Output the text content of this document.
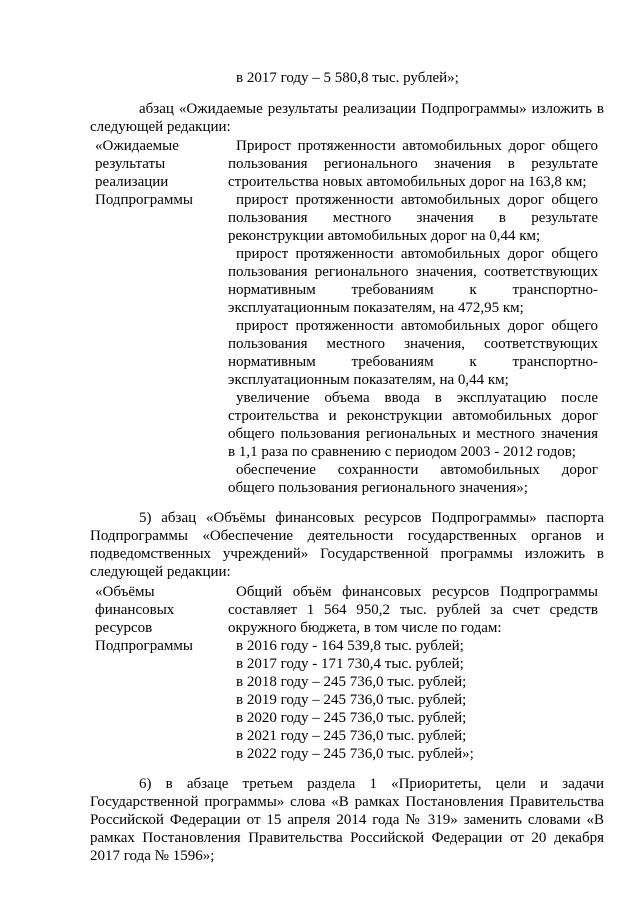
в 2017 году – 5 580,8 тыс. рублей»;
абзац «Ожидаемые результаты реализации Подпрограммы» изложить в
следующей редакции:
«Ожидаемые
результаты
реализации
Подпрограммы
Прирост протяженности автомобильных дорог общего
пользования регионального значения в результате
строительства новых автомобильных дорог на 163,8 км;
прирост протяженности автомобильных дорог общего
пользования местного значения в результате
реконструкции автомобильных дорог на 0,44 км;
прирост протяженности автомобильных дорог общего
пользования регионального значения, соответствующих
нормативным требованиям к транспортно-
эксплуатационным показателям, на 472,95 км;
прирост протяженности автомобильных дорог общего
пользования местного значения, соответствующих
нормативным требованиям к транспортно-
эксплуатационным показателям, на 0,44 км;
увеличение объема ввода в эксплуатацию после
строительства и реконструкции автомобильных дорог
общего пользования региональных и местного значения
в 1,1 раза по сравнению с периодом 2003 - 2012 годов;
обеспечение сохранности автомобильных дорог
общего пользования регионального значения»;
5) абзац «Объёмы финансовых ресурсов Подпрограммы» паспорта
Подпрограммы «Обеспечение деятельности государственных органов и
подведомственных учреждений» Государственной программы изложить в
следующей редакции:
«Объёмы
финансовых
ресурсов
Подпрограммы
Общий объём финансовых ресурсов Подпрограммы
составляет 1 564 950,2 тыс. рублей за счет средств
окружного бюджета, в том числе по годам:
в 2016 году - 164 539,8 тыс. рублей;
в 2017 году - 171 730,4 тыс. рублей;
в 2018 году – 245 736,0 тыс. рублей;
в 2019 году – 245 736,0 тыс. рублей;
в 2020 году – 245 736,0 тыс. рублей;
в 2021 году – 245 736,0 тыс. рублей;
в 2022 году – 245 736,0 тыс. рублей»;
6) в абзаце третьем раздела 1 «Приоритеты, цели и задачи
Государственной программы» слова «В рамках Постановления Правительства
Российской Федерации от 15 апреля 2014 года № 319» заменить словами «В
рамках Постановления Правительства Российской Федерации от 20 декабря
2017 года № 1596»;
